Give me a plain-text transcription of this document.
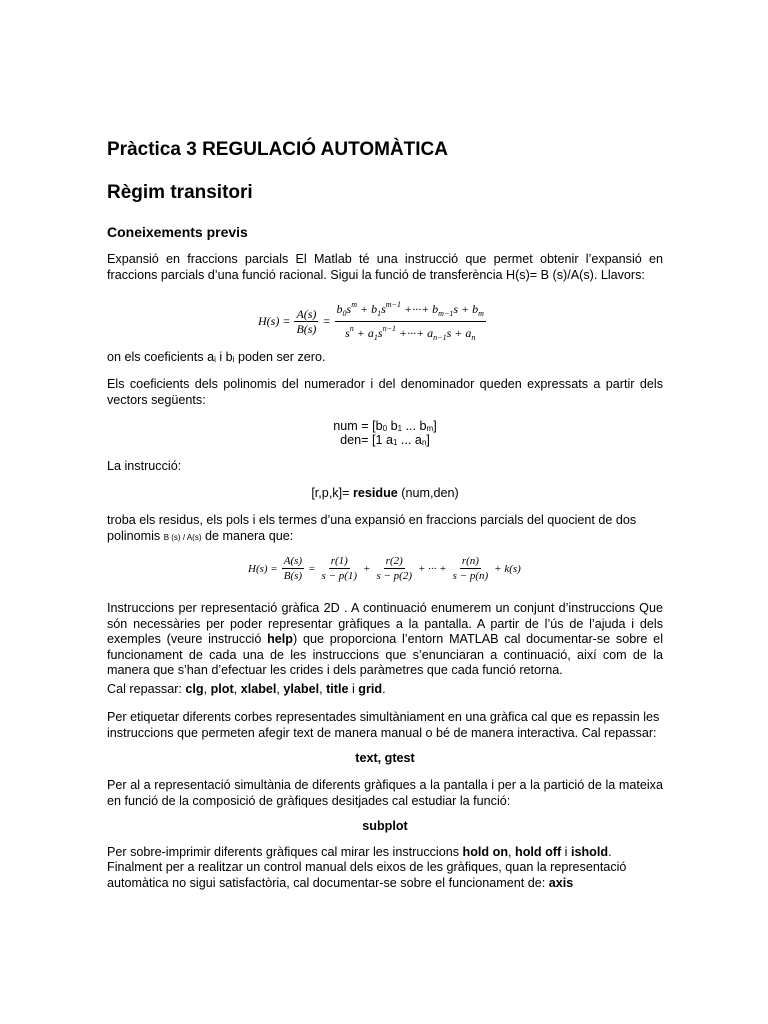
Pràctica 3 REGULACIÓ AUTOMÀTICA
Règim transitori
Coneixements previs

Expansió en fraccions parcials El Matlab té una instrucció que permet obtenir l’expansió en fraccions parcials d’una funció racional. Sigui la funció de transferència H(s)= B (s)/A(s). Llavors:

$H(s) = \frac{A(s)}{B(s)} = \frac{b_0s^m + b_1s^{m-1} +\cdot\cdot\cdot+ b_{m-1}s + b_m}{s^n + a_1s^{n-1} +\cdot\cdot\cdot+ a_{n-1}s + a_n}$

on els coeficients ai i bi poden ser zero.

Els coeficients dels polinomis del numerador i del denominador queden expressats a partir dels vectors següents:

num = [b0 b1 ... bm]

den= [1 a1 ... an]

La instrucció:

[r,p,k]= residue (num,den)

troba els residus, els pols i els termes d’una expansió en fraccions parcials del quocient de dos polinomis B (s) / A(s) de manera que:

$H(s) = \frac{A(s)}{B(s)} = \frac{r(1)}{s - p(1)} + \frac{r(2)}{s - p(2)}$ + ··· + $\frac{r(n)}{s - p(n)} + k(s)$

Instruccions per representació gràfica 2D . A continuació enumerem un conjunt d’instruccions Que són necessàries per poder representar gràfiques a la pantalla. A partir de l’ús de l’ajuda i dels exemples (veure instrucció help) que proporciona l’entorn MATLAB cal documentar-se sobre el funcionament de cada una de les instruccions que s’enunciaran a continuació, així com de la manera que s’han d’efectuar les crides i dels paràmetres que cada funció retorna.

Cal repassar: clg, plot, xlabel, ylabel, title i grid.

Per etiquetar diferents corbes representades simultàniament en una gràfica cal que es repassin les instruccions que permeten afegir text de manera manual o bé de manera interactiva. Cal repassar:

text, gtest

Per al a representació simultània de diferents gràfiques a la pantalla i per a la partició de la mateixa en funció de la composició de gràfiques desitjades cal estudiar la funció:

subplot

Per sobre-imprimir diferents gràfiques cal mirar les instruccions hold on, hold off i ishold.

Finalment per a realitzar un control manual dels eixos de les gràfiques, quan la representació automàtica no sigui satisfactòria, cal documentar-se sobre el funcionament de: axis
